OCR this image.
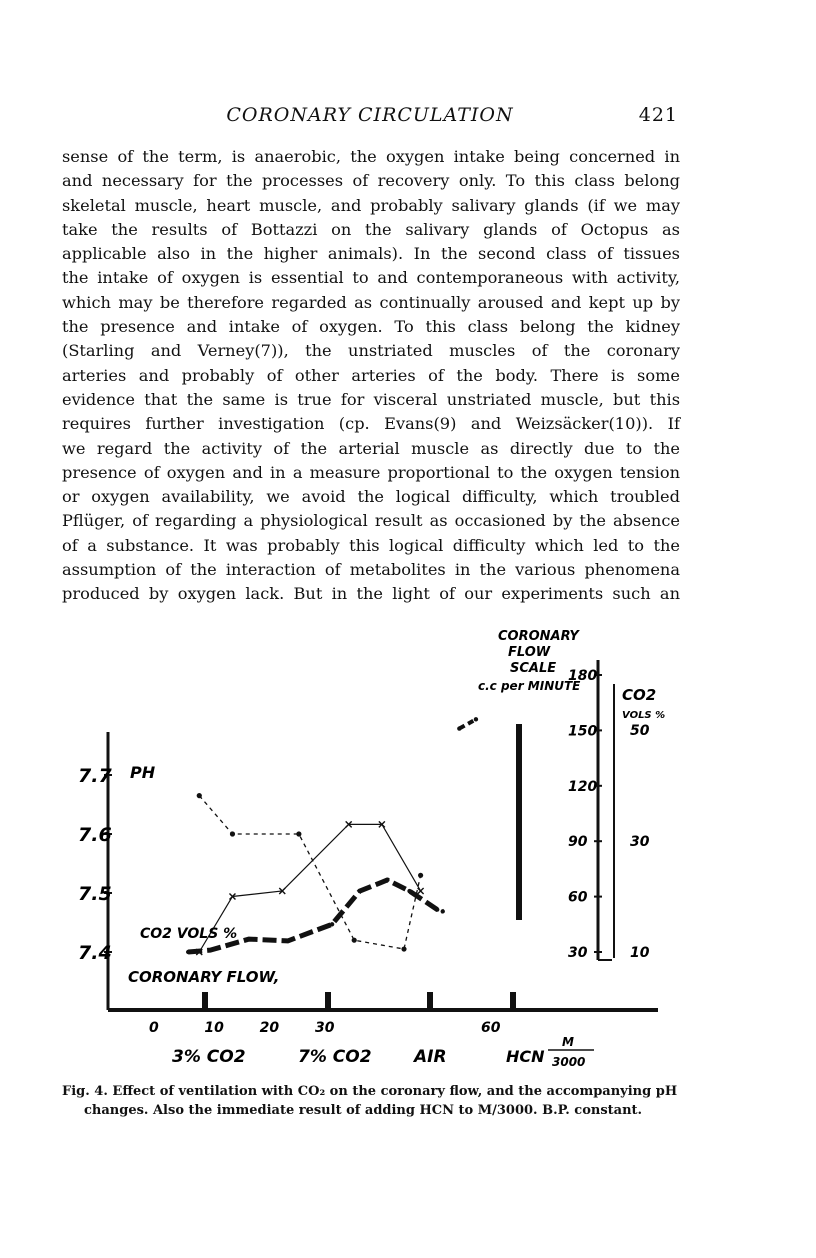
CORONARY CIRCULATION	421
sense of the term, is anaerobic, the oxygen intake being concerned in
and necessary for the processes of recovery only. To this class belong
skeletal muscle, heart muscle, and probably salivary glands (if we may
take the results of Bottazzi on the salivary glands of Octopus as
applicable also in the higher animals). In the second class of tissues
the intake of oxygen is essential to and contemporaneous with activity,
which may be therefore regarded as continually aroused and kept up by
the presence and intake of oxygen. To this class belong the kidney
(Starling and Verney(7)), the unstriated muscles of the coronary
arteries and probably of other arteries of the body. There is some
evidence that the same is true for visceral unstriated muscle, but this
requires further investigation (cp. Evans(9) and Weizsäcker(10)). If
we regard the activity of the arterial muscle as directly due to the
presence of oxygen and in a measure proportional to the oxygen tension
or oxygen availability, we avoid the logical difficulty, which troubled
Pflüger, of regarding a physiological result as occasioned by the absence
of a substance. It was probably this logical difficulty which led to the
assumption of the interaction of metabolites in the various phenomena
produced by oxygen lack. But in the light of our experiments such an
7.7
7.6
7.5
7.4
180
150
120
90
60
30
50
30
10
0	10	20	30	60
CORONARY
FLOW
SCALE
c.c per MINUTE	CO2
VOLS %
PH
CO2 VOLS %
CORONARY FLOW,
3% CO2	7% CO2 AIR	HCN
M
3000
Fig. 4. Effect of ventilation with CO₂ on the coronary flow, and the accompanying pH
changes. Also the immediate result of adding HCN to M/3000. B.P. constant.
